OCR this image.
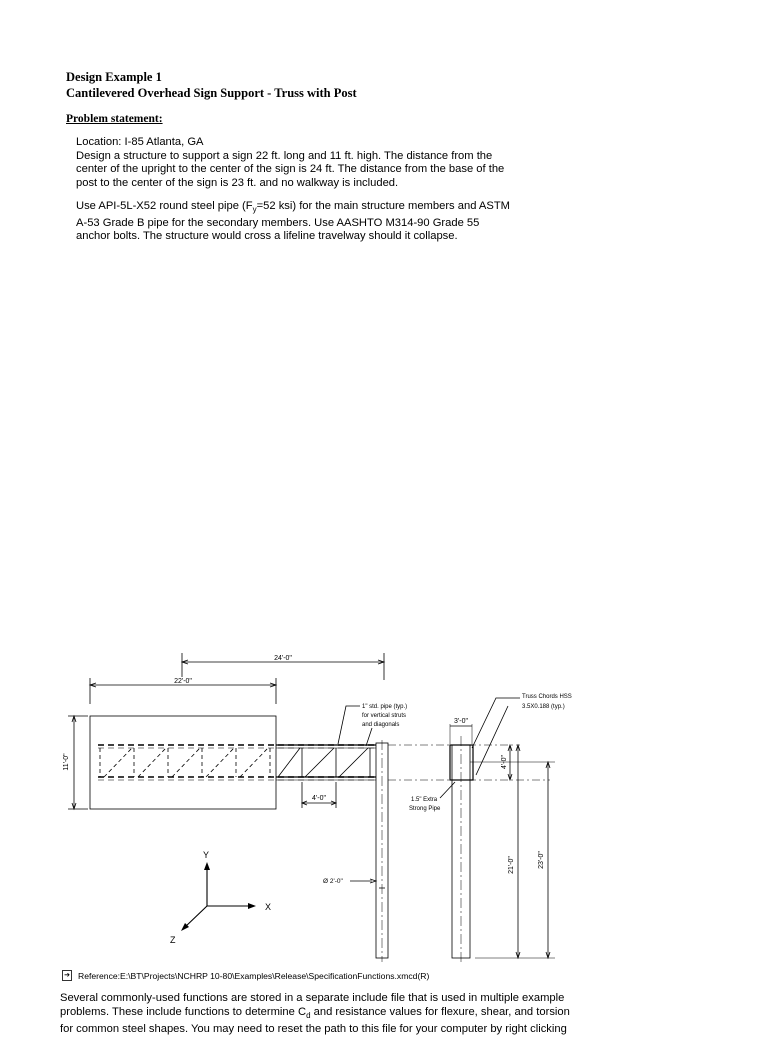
Design Example 1
Cantilevered Overhead Sign Support - Truss with Post
Problem statement:
Location: I-85 Atlanta, GA
Design a structure to support a sign 22 ft. long and 11 ft. high. The distance from the
center of the upright to the center of the sign is 24 ft. The distance from the base of the
post to the center of the sign is 23 ft. and no walkway is included.
Use API-5L-X52 round steel pipe ($F_y=52$ ksi) for the main structure members and ASTM
A-53 Grade B pipe for the secondary members. Use AASHTO M314-90 Grade 55
anchor bolts. The structure would cross a lifeline travelway should it collapse.
24'-0"
22'-0"
11'-0"
4'-0"
1" std. pipe (typ.)
for vertical struts
and diagonals	3'-0"
Truss Chords HSS
3.5X0.188 (typ.)
1.5" Extra
Strong Pipe
4'-0"
21'-0"	23'-0"
Ø 2'-0"
Y
X
Z
➔ Reference:E:\BT\Projects\NCHRP 10-80\Examples\Release\SpecificationFunctions.xmcd(R)
Several commonly-used functions are stored in a separate include file that is used in multiple example
problems. These include functions to determine $C_d$ and resistance values for flexure, shear, and torsion
for common steel shapes. You may need to reset the path to this file for your computer by right clicking
